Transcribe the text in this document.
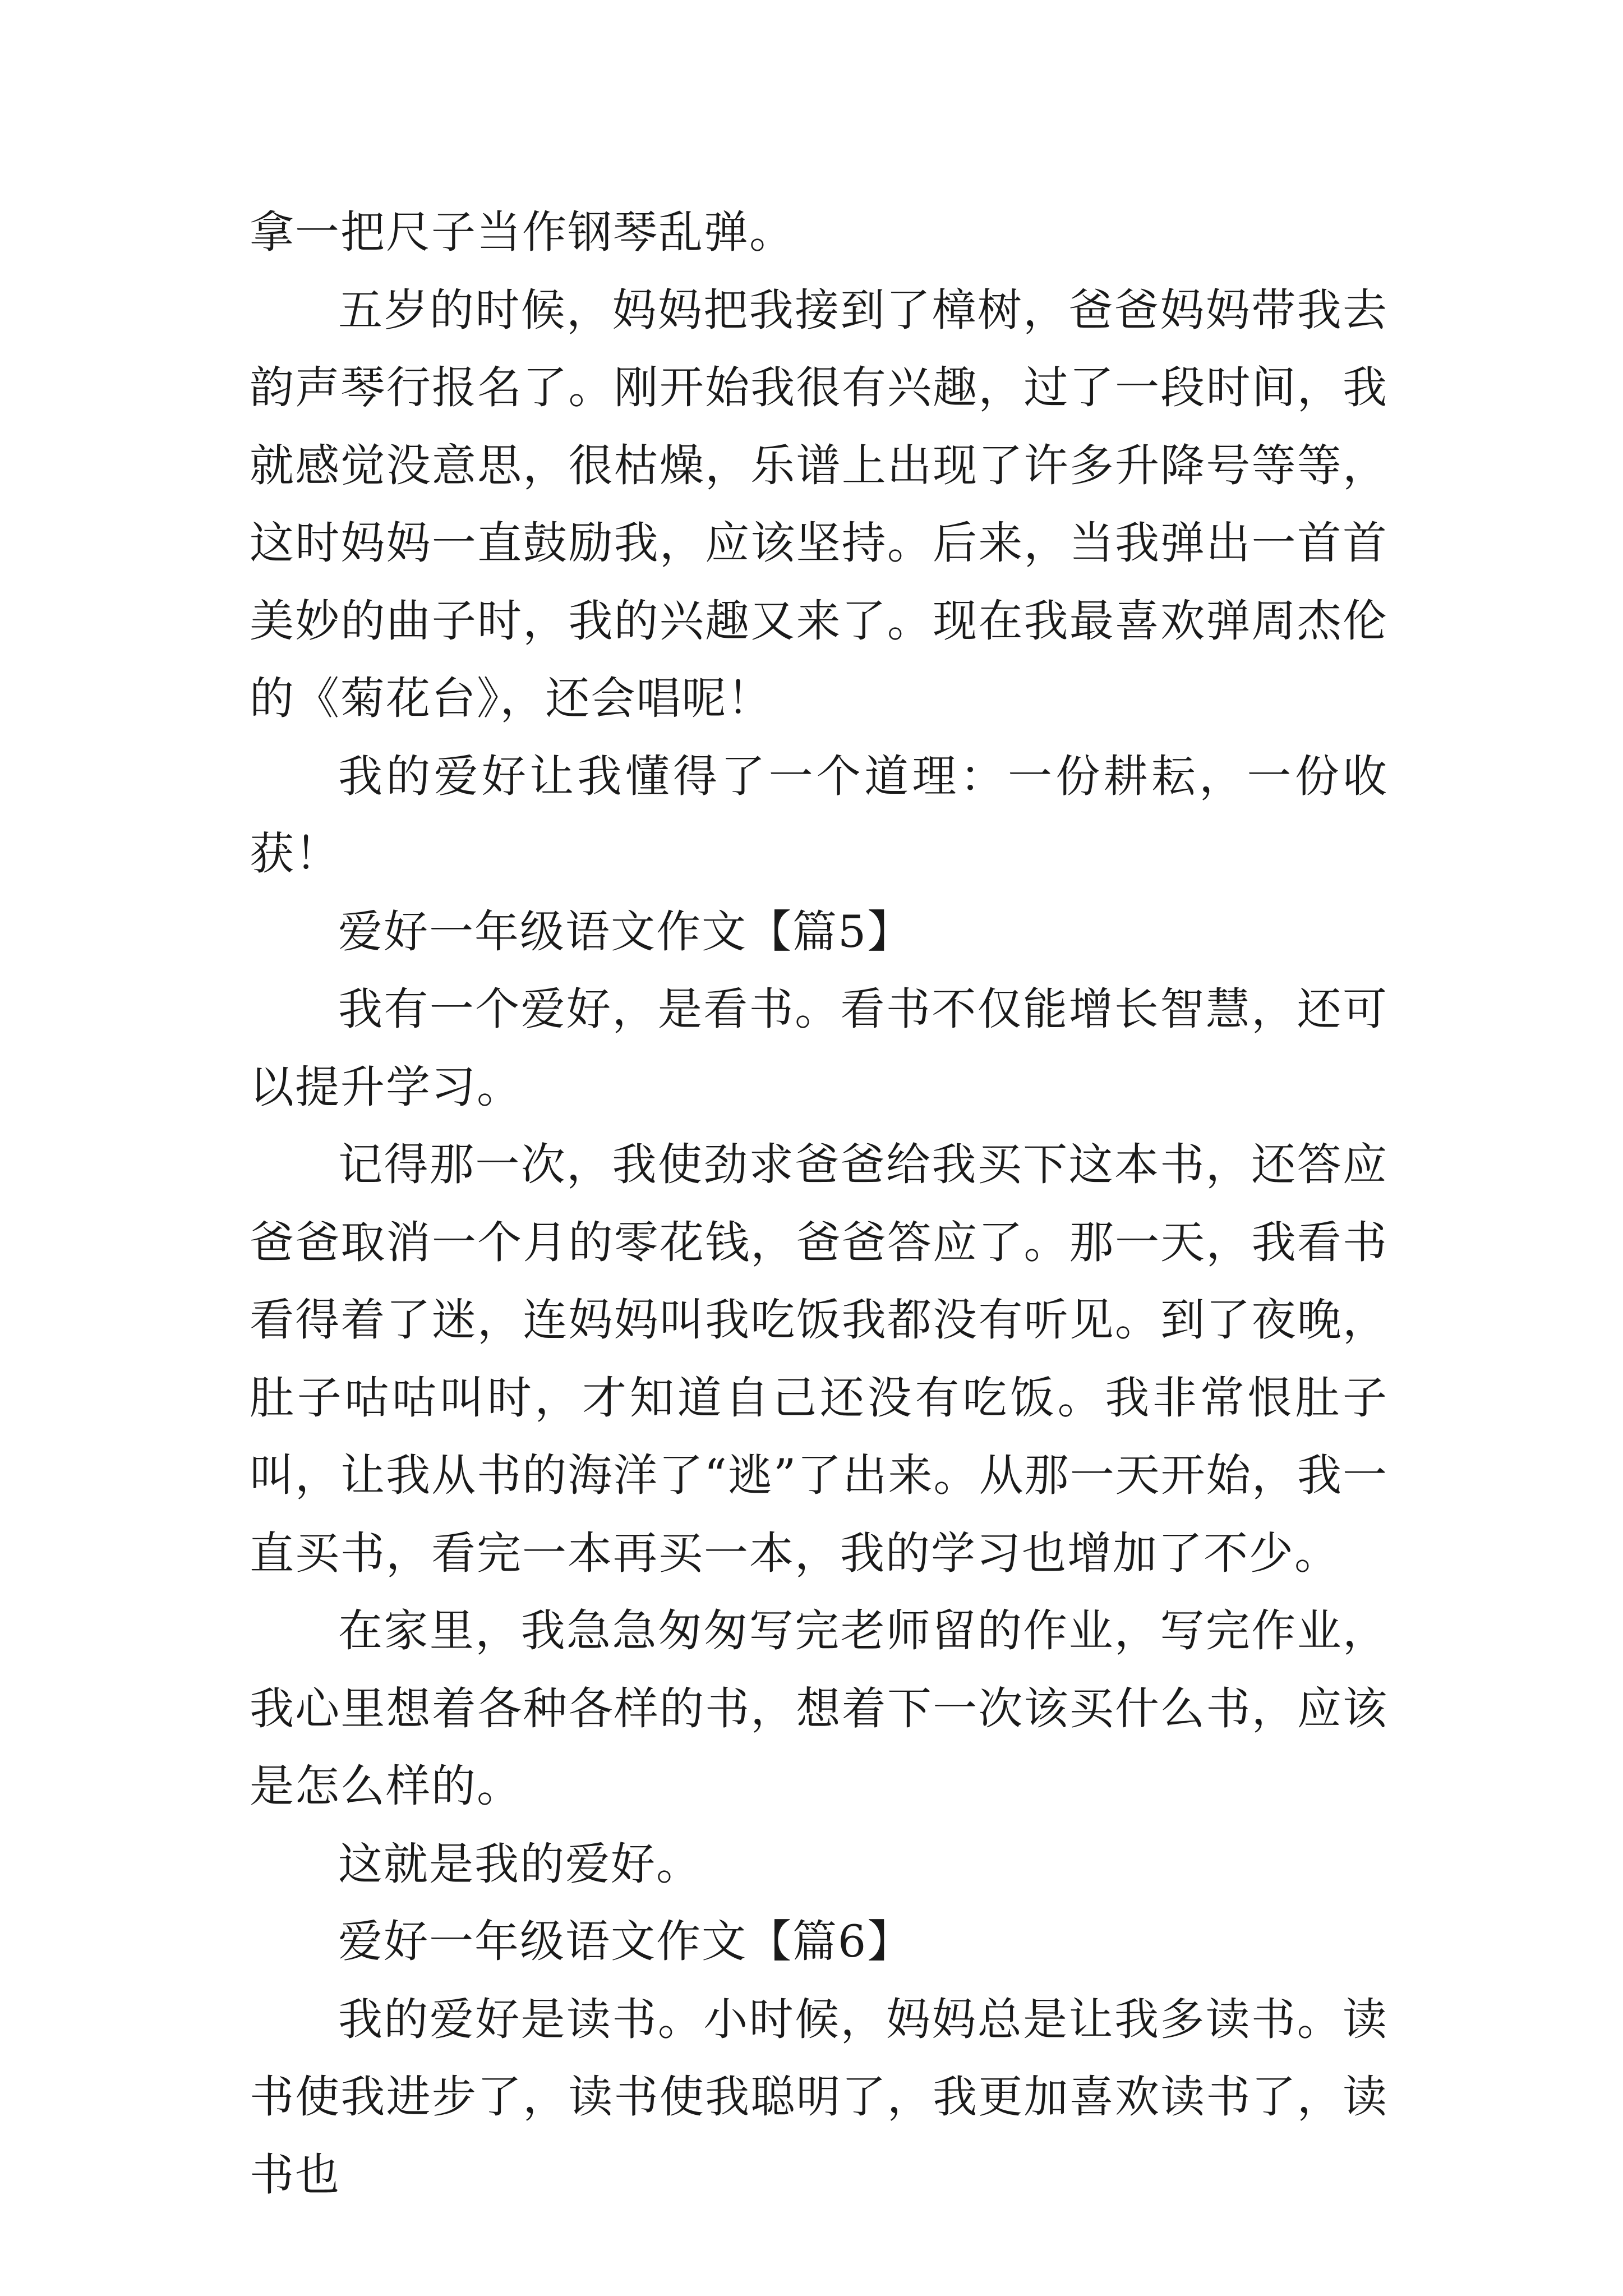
拿一把尺子当作钢琴乱弹。

五岁的时候，妈妈把我接到了樟树，爸爸妈妈带我去韵声琴行报名了。刚开始我很有兴趣，过了一段时间，我就感觉没意思，很枯燥，乐谱上出现了许多升降号等等，这时妈妈一直鼓励我，应该坚持。后来，当我弹出一首首美妙的曲子时，我的兴趣又来了。现在我最喜欢弹周杰伦的《菊花台》，还会唱呢！

我的爱好让我懂得了一个道理：一份耕耘，一份收获！

爱好一年级语文作文【篇5】

我有一个爱好，是看书。看书不仅能增长智慧，还可以提升学习。

记得那一次，我使劲求爸爸给我买下这本书，还答应爸爸取消一个月的零花钱，爸爸答应了。那一天，我看书看得着了迷，连妈妈叫我吃饭我都没有听见。到了夜晚，肚子咕咕叫时，才知道自己还没有吃饭。我非常恨肚子叫，让我从书的海洋了“逃”了出来。从那一天开始，我一直买书，看完一本再买一本，我的学习也增加了不少。

在家里，我急急匆匆写完老师留的作业，写完作业，我心里想着各种各样的书，想着下一次该买什么书，应该是怎么样的。

这就是我的爱好。

爱好一年级语文作文【篇6】

我的爱好是读书。小时候，妈妈总是让我多读书。读书使我进步了，读书使我聪明了，我更加喜欢读书了，读书也
